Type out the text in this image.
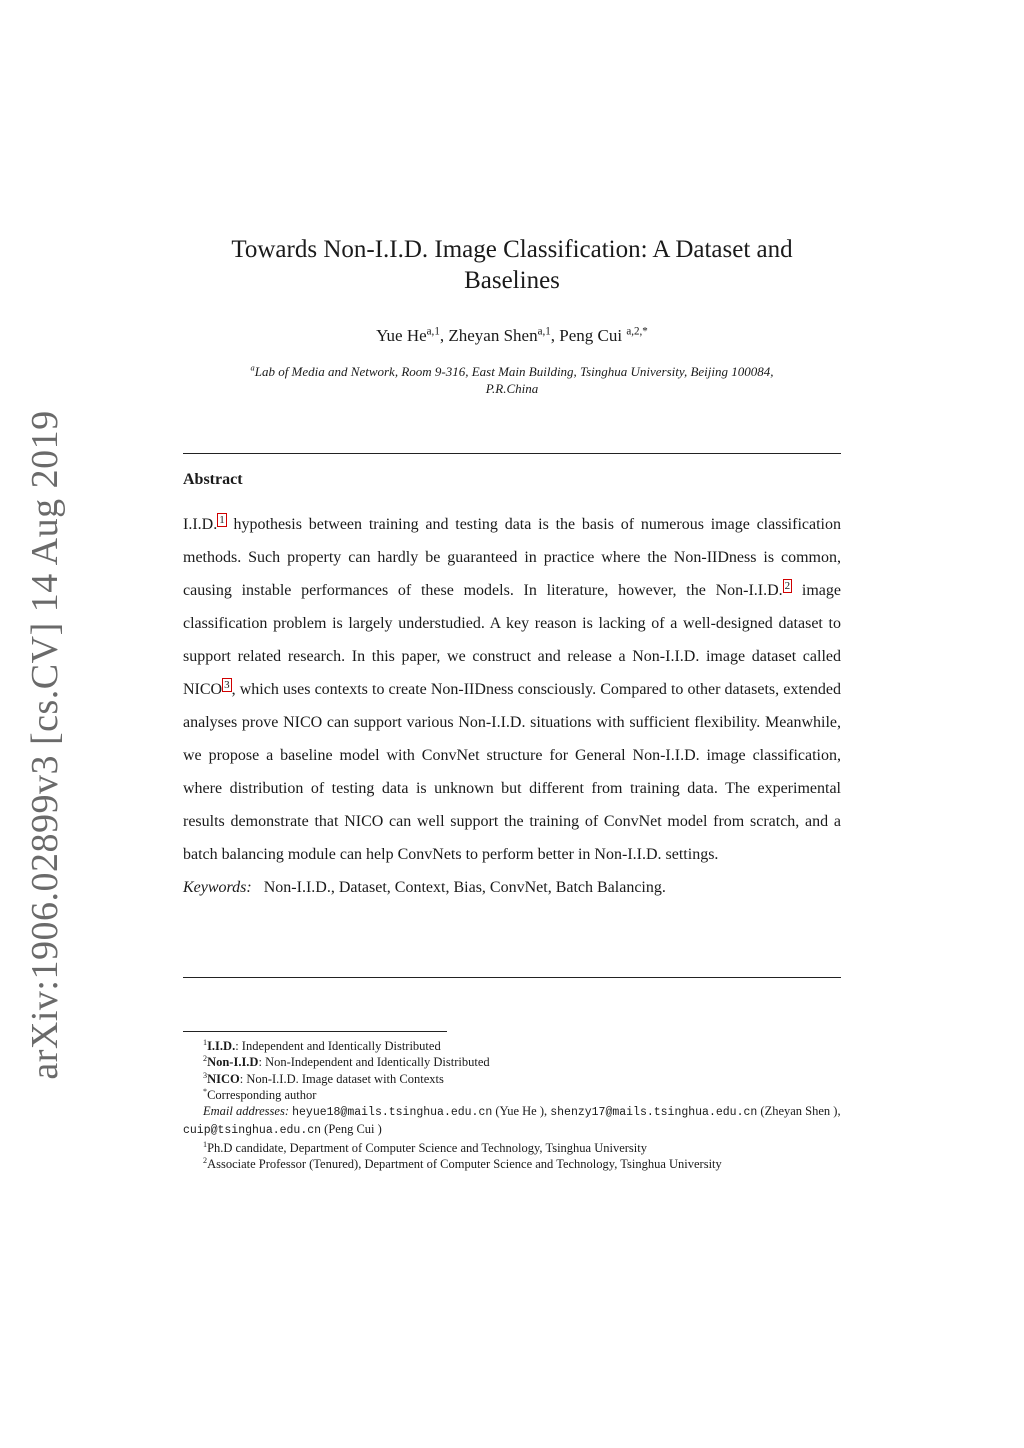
arXiv:1906.02899v3 [cs.CV] 14 Aug 2019
Towards Non-I.I.D. Image Classification: A Dataset and
Baselines
Yue He$^{a,1}$, Zheyan Shen$^{a,1}$, Peng Cui $^{a,2,*}$
$^a$Lab of Media and Network, Room 9-316, East Main Building, Tsinghua University, Beijing 100084,
P.R.China
Abstract
I.I.D. $^1$ hypothesis between training and testing data is the basis of numerous image classification methods. Such property can hardly be guaranteed in practice where the Non-IIDness is common, causing instable performances of these models. In literature, however, the Non-I.I.D. $^2$ image classification problem is largely understudied. A key reason is lacking of a well-designed dataset to support related research. In this paper, we construct and release a Non-I.I.D. image dataset called NICO $^3$ , which uses contexts to create Non-IIDness consciously. Compared to other datasets, extended analyses prove NICO can support various Non-I.I.D. situations with sufficient flexibility. Meanwhile, we propose a baseline model with ConvNet structure for General Non-I.I.D. image classification, where distribution of testing data is unknown but different from training data. The experimental results demonstrate that NICO can well support the training of ConvNet model from scratch, and a batch balancing module can help ConvNets to perform better in Non-I.I.D. settings.
Keywords: Non-I.I.D., Dataset, Context, Bias, ConvNet, Batch Balancing.
$^1$I.I.D.: Independent and Identically Distributed
$^2$Non-I.I.D: Non-Independent and Identically Distributed
$^3$NICO: Non-I.I.D. Image dataset with Contexts
*Corresponding author
Email addresses: heyue18@mails.tsinghua.edu.cn (Yue He ), shenzy17@mails.tsinghua.edu.cn (Zheyan Shen ), cuip@tsinghua.edu.cn (Peng Cui )
$^1$Ph.D candidate, Department of Computer Science and Technology, Tsinghua University
$^2$Associate Professor (Tenured), Department of Computer Science and Technology, Tsinghua University
